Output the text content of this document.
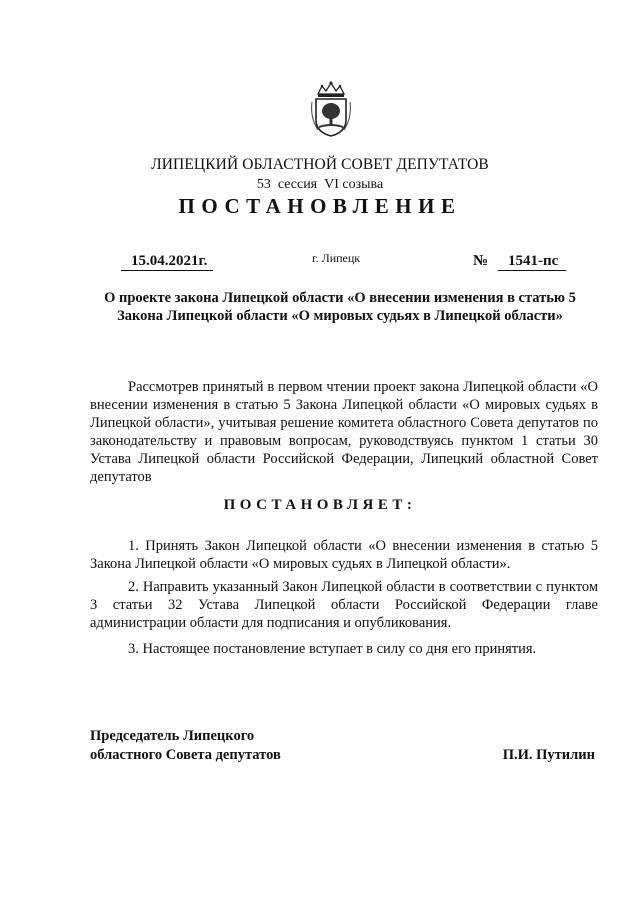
ЛИПЕЦКИЙ ОБЛАСТНОЙ СОВЕТ ДЕПУТАТОВ
53 сессия VI созыва
ПОСТАНОВЛЕНИЕ
15.04.2021г.	г. Липецк	№	1541-пс
О проекте закона Липецкой области «О внесении изменения в статью 5 Закона Липецкой области «О мировых судьях в Липецкой области»

Рассмотрев принятый в первом чтении проект закона Липецкой области «О внесении изменения в статью 5 Закона Липецкой области «О мировых судьях в Липецкой области», учитывая решение комитета областного Совета депутатов по законодательству и правовым вопросам, руководствуясь пунктом 1 статьи 30 Устава Липецкой области Российской Федерации, Липецкий областной Совет депутатов

ПОСТАНОВЛЯЕТ:

1. Принять Закон Липецкой области «О внесении изменения в статью 5 Закона Липецкой области «О мировых судьях в Липецкой области».

2. Направить указанный Закон Липецкой области в соответствии с пунктом 3 статьи 32 Устава Липецкой области Российской Федерации главе администрации области для подписания и опубликования.

3. Настоящее постановление вступает в силу со дня его принятия.

Председатель Липецкого
областного Совета депутатов	П.И. Путилин
